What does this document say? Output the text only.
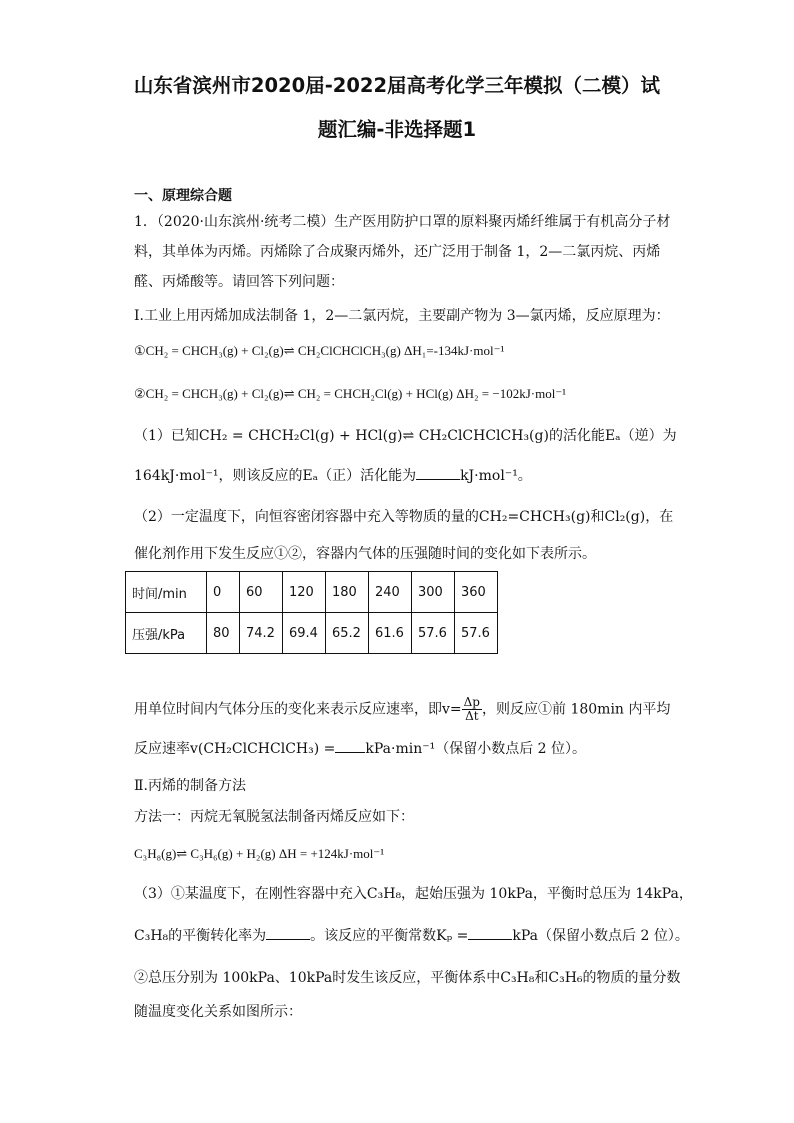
山东省滨州市2020届-2022届高考化学三年模拟（二模）试
题汇编-非选择题1
一、原理综合题
1．（2020·山东滨州·统考二模）生产医用防护口罩的原料聚丙烯纤维属于有机高分子材
料，其单体为丙烯。丙烯除了合成聚丙烯外，还广泛用于制备 1，2—二氯丙烷、丙烯
醛、丙烯酸等。请回答下列问题：
Ⅰ.工业上用丙烯加成法制备 1，2—二氯丙烷，主要副产物为 3—氯丙烯，反应原理为：
①CH₂ = CHCH₃(g) + Cl₂(g)⇌ CH₂ClCHClCH₃(g) ΔH₁=-134kJ·mol⁻¹
②CH₂ = CHCH₃(g) + Cl₂(g)⇌ CH₂ = CHCH₂Cl(g) + HCl(g) ΔH₂ = −102kJ·mol⁻¹
（1）已知CH₂ = CHCH₂Cl(g) + HCl(g)⇌ CH₂ClCHClCH₃(g)的活化能Eₐ（逆）为
164kJ·mol⁻¹，则该反应的Eₐ（正）活化能为	kJ·mol⁻¹。
（2）一定温度下，向恒容密闭容器中充入等物质的量的CH₂=CHCH₃(g)和Cl₂(g)，在
催化剂作用下发生反应①②，容器内气体的压强随时间的变化如下表所示。
时间/min	0	60	120	180	240	300	360
压强/kPa	80	74.2	69.4	65.2	61.6	57.6	57.6
用单位时间内气体分压的变化来表示反应速率，即$v= \frac{\Delta p}{\Delta t}$ ，则反应①前 180min 内平均
反应速率v(CH₂ClCHClCH₃) = kPa·min⁻¹（保留小数点后 2 位）。
Ⅱ.丙烯的制备方法
方法一：丙烷无氧脱氢法制备丙烯反应如下：
C₃H₈(g)⇌ C₃H₆(g) + H₂(g) ΔH = +124kJ·mol⁻¹
（3）①某温度下，在刚性容器中充入C₃H₈，起始压强为 10kPa，平衡时总压为 14kPa，
C₃H₈的平衡转化率为	。该反应的平衡常数Kₚ =	kPa（保留小数点后 2 位）。
②总压分别为 100kPa、10kPa时发生该反应，平衡体系中C₃H₈和C₃H₆的物质的量分数
随温度变化关系如图所示：
